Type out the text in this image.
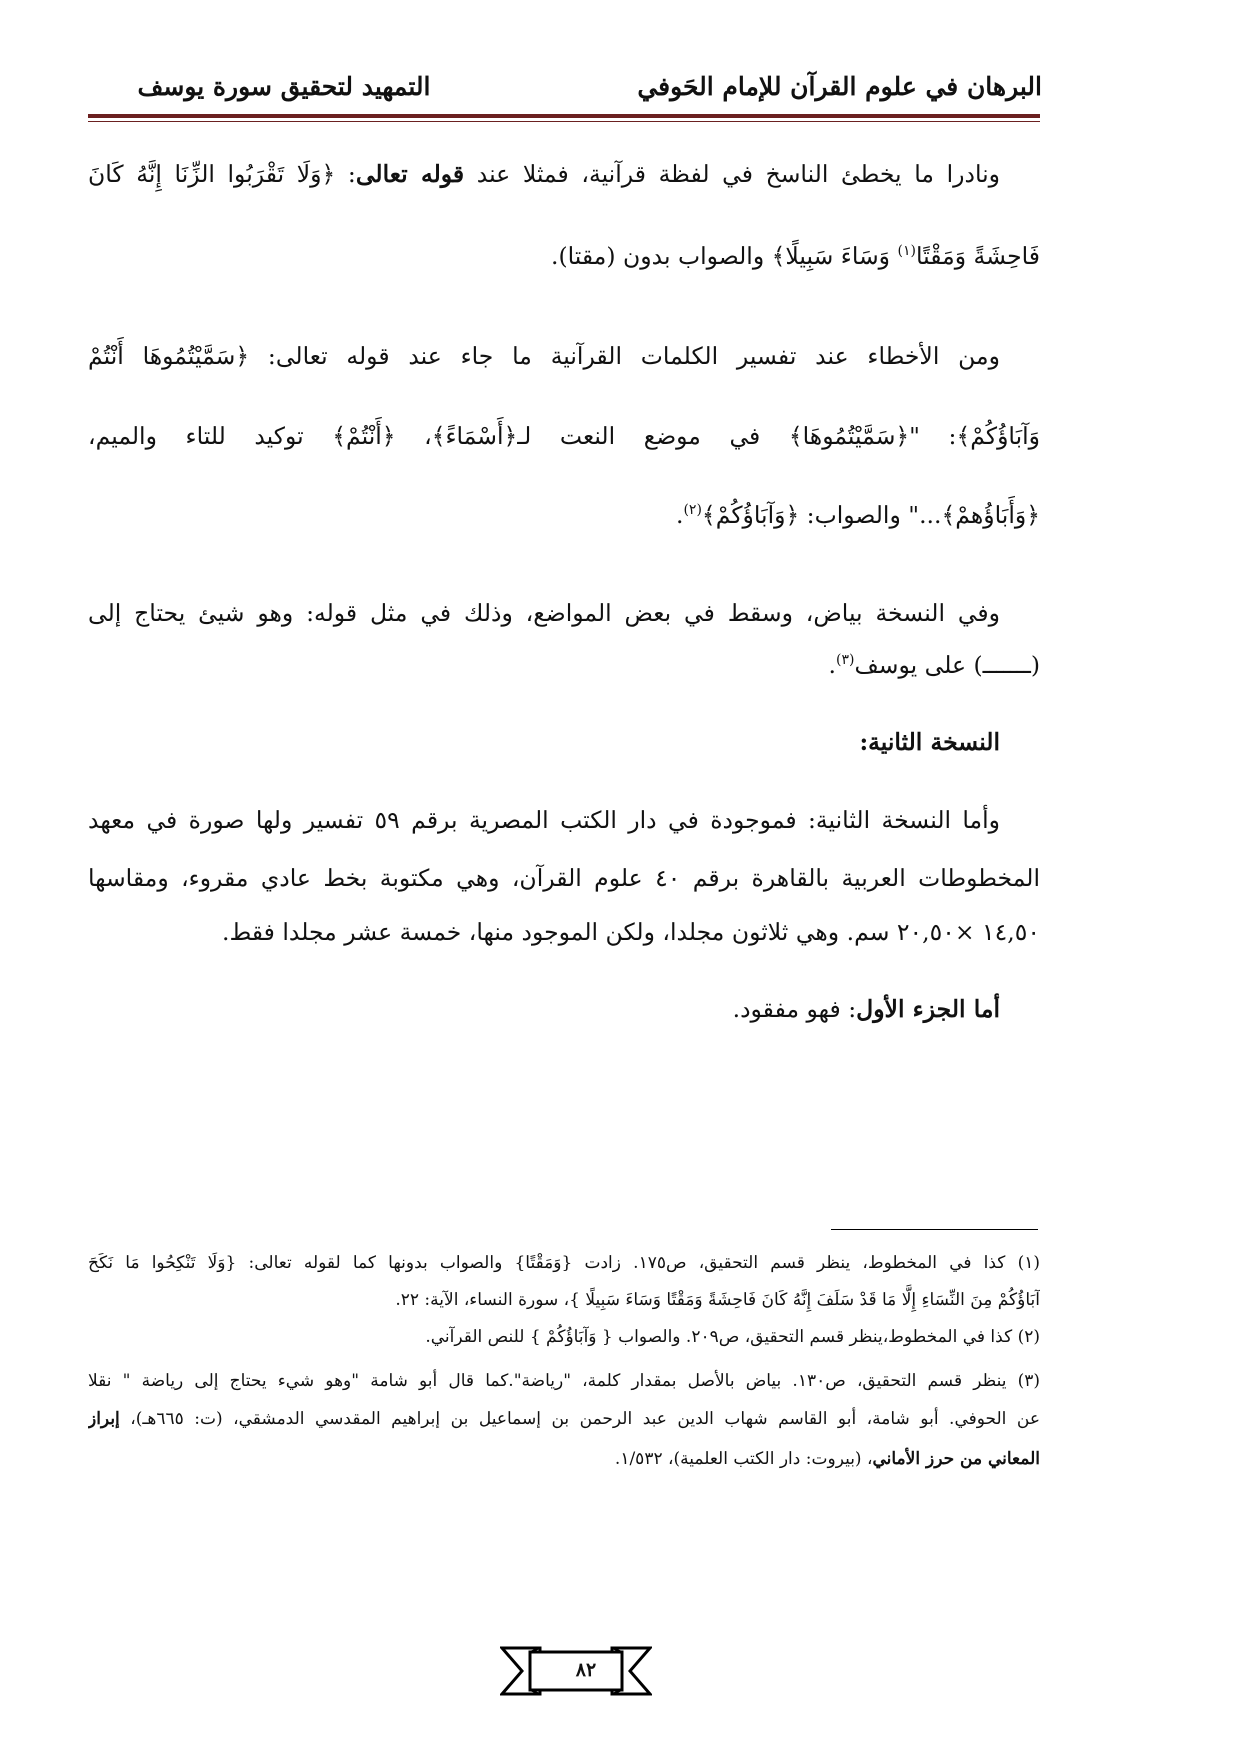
البرهان في علوم القرآن للإمام الحَوفي
التمهيد لتحقيق سورة يوسف
ونادرا ما يخطئ الناسخ في لفظة قرآنية، فمثلا عند قوله تعالى: ﴿وَلَا تَقْرَبُوا الزِّنَا إِنَّهُ كَانَ
فَاحِشَةً وَمَقْتًا$^{(١)}$ وَسَاءَ سَبِيلًا﴾ والصواب بدون (مقتا).
ومن الأخطاء عند تفسير الكلمات القرآنية ما جاء عند قوله تعالى: ﴿سَمَّيْتُمُوهَا أَنْتُمْ
وَآبَاؤُكُمْ﴾: "﴿سَمَّيْتُمُوهَا﴾ في موضع النعت لـ﴿أَسْمَاءً﴾، ﴿أَنْتُمْ﴾ توكيد للتاء والميم،
﴿وَأَبَاؤُهمْ﴾..." والصواب: ﴿وَآبَاؤُكُمْ﴾$^{(٢)}$.
وفي النسخة بياض، وسقط في بعض المواضع، وذلك في مثل قوله: وهو شيئ يحتاج إلى
(ـــــــ) على يوسف$^{(٣)}$.
النسخة الثانية:
وأما النسخة الثانية: فموجودة في دار الكتب المصرية برقم ٥٩ تفسير ولها صورة في معهد
المخطوطات العربية بالقاهرة برقم ٤٠ علوم القرآن، وهي مكتوبة بخط عادي مقروء، ومقاسها
١٤,٥٠ ×٢٠,٥٠ سم. وهي ثلاثون مجلدا، ولكن الموجود منها، خمسة عشر مجلدا فقط.
أما الجزء الأول: فهو مفقود.
(١) كذا في المخطوط، ينظر قسم التحقيق، ص١٧٥. زادت {وَمَقْتًا} والصواب بدونها كما لقوله تعالى: {وَلَا تَنْكِحُوا مَا نَكَحَ
آبَاؤُكُمْ مِنَ النِّسَاءِ إِلَّا مَا قَدْ سَلَفَ إِنَّهُ كَانَ فَاحِشَةً وَمَقْتًا وَسَاءَ سَبِيلًا }، سورة النساء، الآية: ٢٢.
(٢) كذا في المخطوط،ينظر قسم التحقيق، ص٢٠٩. والصواب { وَآبَاؤُكُمْ } للنص القرآني.
(٣) ينظر قسم التحقيق، ص١٣٠. بياض بالأصل بمقدار كلمة، "رياضة".كما قال أبو شامة "وهو شيء يحتاج إلى رياضة " نقلا
عن الحوفي. أبو شامة، أبو القاسم شهاب الدين عبد الرحمن بن إسماعيل بن إبراهيم المقدسي الدمشقي، (ت: ٦٦٥هـ)، إبراز
المعاني من حرز الأماني، (بيروت: دار الكتب العلمية)، ١/٥٣٢.
٨٢
